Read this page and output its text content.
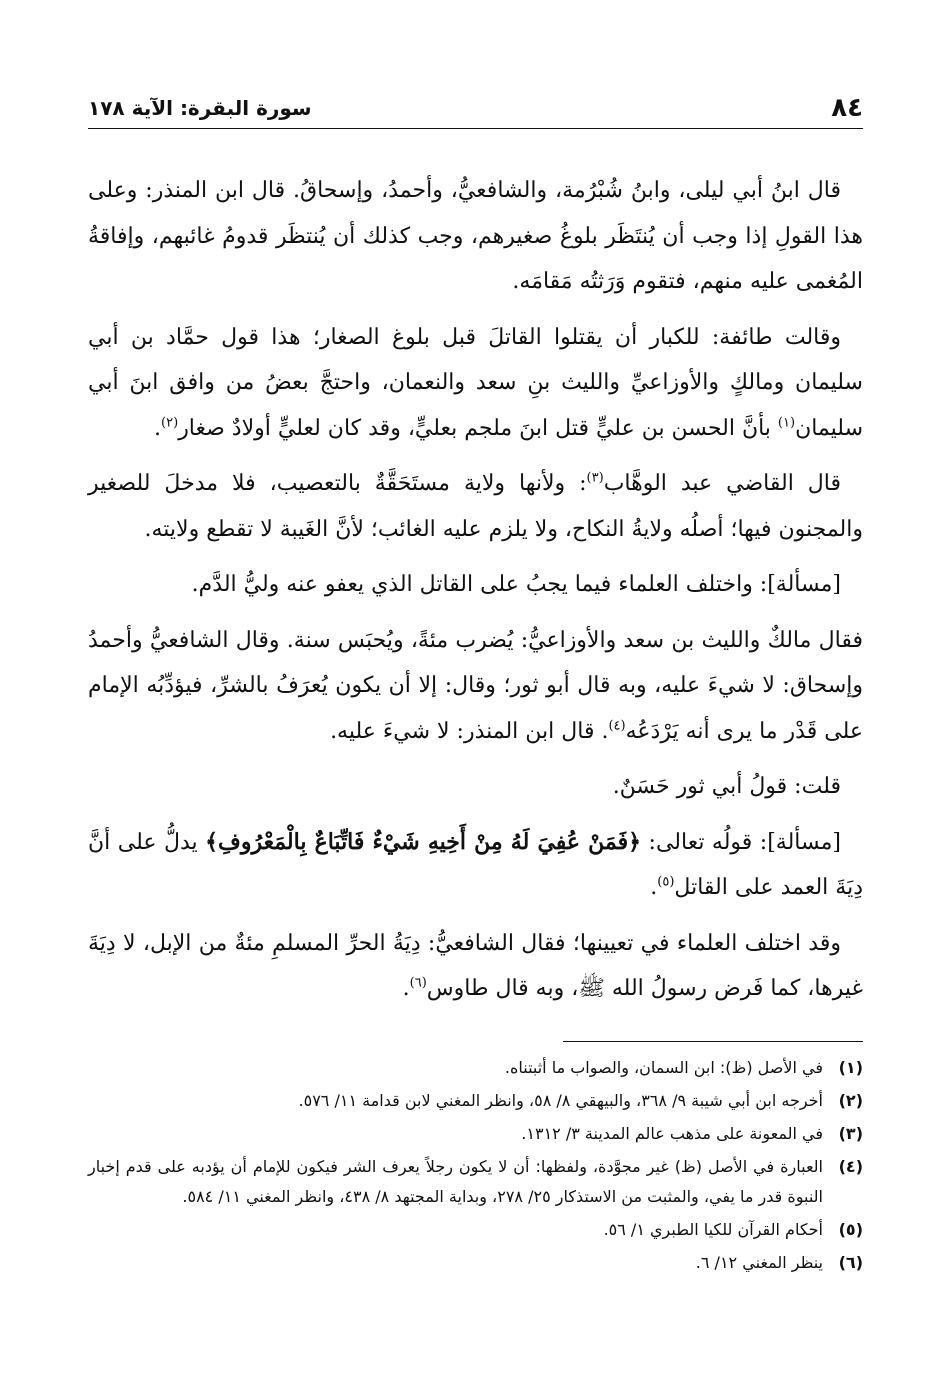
٨٤
سورة البقرة: الآية ١٧٨

قال ابنُ أبي ليلى، وابنُ شُبْرُمة، والشافعيُّ، وأحمدُ، وإسحاقُ. قال ابن المنذر: وعلى هذا القولِ إذا وجب أن يُنتَظَر بلوغُ صغيرهم، وجب كذلك أن يُنتظَر قدومُ غائبهم، وإفاقةُ المُغمى عليه منهم، فتقوم وَرَثتُه مَقامَه.

وقالت طائفة: للكبار أن يقتلوا القاتلَ قبل بلوغ الصغار؛ هذا قول حمَّاد بن أبي سليمان ومالكٍ والأوزاعيِّ والليث بنِ سعد والنعمان، واحتجَّ بعضُ من وافق ابنَ أبي سليمان$^{(١)}$ بأنَّ الحسن بن عليٍّ قتل ابنَ ملجم بعليٍّ، وقد كان لعليٍّ أولادٌ صغار$^{(٢)}$.

قال القاضي عبد الوهَّاب$^{(٣)}$: ولأنها ولاية مستَحَقَّةٌ بالتعصيب، فلا مدخلَ للصغير والمجنون فيها؛ أصلُه ولايةُ النكاح، ولا يلزم عليه الغائب؛ لأنَّ الغَيبة لا تقطع ولايته.

[مسألة]: واختلف العلماء فيما يجبُ على القاتل الذي يعفو عنه وليُّ الدَّم.

فقال مالكٌ والليث بن سعد والأوزاعيُّ: يُضرب مئةً، ويُحبَس سنة. وقال الشافعيُّ وأحمدُ وإسحاق: لا شيءَ عليه، وبه قال أبو ثور؛ وقال: إلا أن يكون يُعرَفُ بالشرِّ، فيؤدِّبُه الإمام على قَدْر ما يرى أنه يَرْدَعُه$^{(٤)}$. قال ابن المنذر: لا شيءَ عليه.

قلت: قولُ أبي ثور حَسَنٌ.

[مسألة]: قولُه تعالى: ﴿فَمَنْ عُفِيَ لَهُ مِنْ أَخِيهِ شَيْءٌ فَاتِّبَاعٌ بِالْمَعْرُوفِ﴾ يدلُّ على أنَّ دِيَةَ العمد على القاتل$^{(٥)}$.

وقد اختلف العلماء في تعيينها؛ فقال الشافعيُّ: دِيَةُ الحرِّ المسلمِ مئةٌ من الإبل، لا دِيَةَ غيرها، كما فَرض رسولُ الله ﷺ، وبه قال طاوس$^{(٦)}$.

(١)
في الأصل (ظ): ابن السمان، والصواب ما أثبتناه.
(٢)
أخرجه ابن أبي شيبة ٩/ ٣٦٨، والبيهقي ٨/ ٥٨، وانظر المغني لابن قدامة ١١/ ٥٧٦.
(٣)
في المعونة على مذهب عالم المدينة ٣/ ١٣١٢.
(٤)
العبارة في الأصل (ظ) غير مجوَّدة، ولفظها: أن لا يكون رجلاً يعرف الشر فيكون للإمام أن يؤدبه على قدم إخبار النبوة قدر ما يفي، والمثبت من الاستذكار ٢٥/ ٢٧٨، وبداية المجتهد ٨/ ٤٣٨، وانظر المغني ١١/ ٥٨٤.
(٥)
أحكام القرآن للكيا الطبري ١/ ٥٦.
(٦)
ينظر المغني ١٢/ ٦.
